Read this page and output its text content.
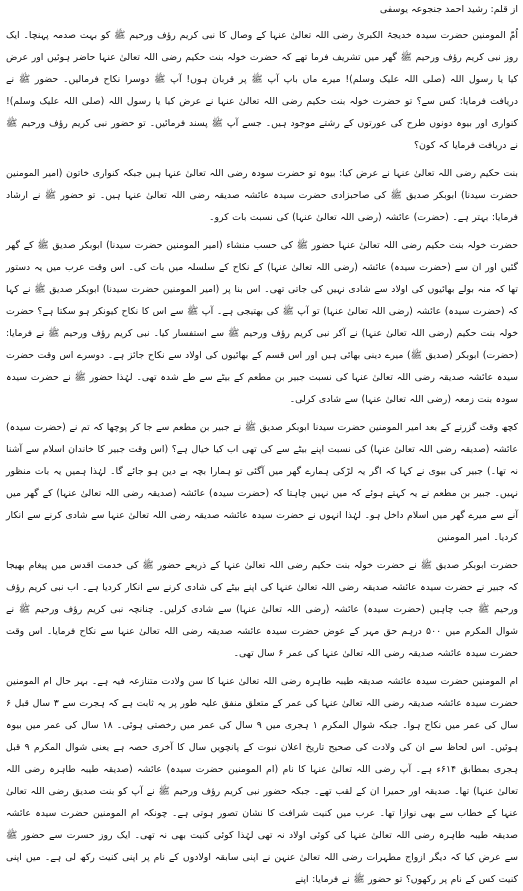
از قلم: رشید احمد جنجوعہ یوسفی

اُمّ المومنین حضرت سیدہ خدیجۃ الکبریٰ رضی اللہ تعالیٰ عنہا کے وصال کا نبی کریم رؤف ورحیم ﷺ کو بہت صدمہ پہنچا۔ ایک روز نبی کریم رؤف ورحیم ﷺ گھر میں تشریف فرما تھے کہ حضرت خولہ بنت حکیم رضی اللہ تعالیٰ عنہا حاضر ہوئیں اور عرض کیا یا رسول اللہ (صلی اللہ علیک وسلم)! میرے ماں باپ آپ ﷺ پر قربان ہوں! آپ ﷺ دوسرا نکاح فرمالیں۔ حضور ﷺ نے دریافت فرمایا: کس سے؟ تو حضرت خولہ بنت حکیم رضی اللہ تعالیٰ عنہا نے عرض کیا یا رسول اللہ (صلی اللہ علیک وسلم)! کنواری اور بیوہ دونوں طرح کی عورتوں کے رشتے موجود ہیں۔ جسے آپ ﷺ پسند فرمائیں۔ تو حضور نبی کریم رؤف ورحیم ﷺ نے دریافت فرمایا کہ کون؟

بنت حکیم رضی اللہ تعالیٰ عنہا نے عرض کیا: بیوہ تو حضرت سودہ رضی اللہ تعالیٰ عنہا ہیں جبکہ کنواری خاتون (امیر المومنین حضرت سیدنا) ابوبکر صدیق ﷺ کی صاحبزادی حضرت سیدہ عائشہ صدیقہ رضی اللہ تعالیٰ عنہا ہیں۔ تو حضور ﷺ نے ارشاد فرمایا: بہتر ہے۔ (حضرت) عائشہ (رضی اللہ تعالیٰ عنہا) کی نسبت بات کرو۔

حضرت خولہ بنت حکیم رضی اللہ تعالیٰ عنہا حضور ﷺ کی حسب منشاء (امیر المومنین حضرت سیدنا) ابوبکر صدیق ﷺ کے گھر گئیں اور ان سے (حضرت سیدہ) عائشہ (رضی اللہ تعالیٰ عنہا) کے نکاح کے سلسلہ میں بات کی۔ اس وقت عرب میں یہ دستور تھا کہ منہ بولے بھائیوں کی اولاد سے شادی نہیں کی جاتی تھی۔ اس بنا پر (امیر المومنین حضرت سیدنا) ابوبکر صدیق ﷺ نے کہا کہ (حضرت سیدہ) عائشہ (رضی اللہ تعالیٰ عنہا) تو آپ ﷺ کی بھتیجی ہے۔ آپ ﷺ سے اس کا نکاح کیونکر ہو سکتا ہے؟ حضرت خولہ بنت حکیم (رضی اللہ تعالیٰ عنہا) نے آکر نبی کریم رؤف ورحیم ﷺ سے استفسار کیا۔ نبی کریم رؤف ورحیم ﷺ نے فرمایا: (حضرت) ابوبکر (صدیق ﷺ) میرے دینی بھائی ہیں اور اس قسم کے بھائیوں کی اولاد سے نکاح جائز ہے۔ دوسرے اس وقت حضرت سیدہ عائشہ صدیقہ رضی اللہ تعالیٰ عنہا کی نسبت جبیر بن مطعم کے بیٹے سے طے شدہ تھی۔ لہٰذا حضور ﷺ نے حضرت سیدہ سودہ بنت زمعہ (رضی اللہ تعالیٰ عنہا) سے شادی کرلی۔

کچھ وقت گزرنے کے بعد امیر المومنین حضرت سیدنا ابوبکر صدیق ﷺ نے جبیر بن مطعم سے جا کر پوچھا کہ تم نے (حضرت سیدہ) عائشہ (صدیقہ رضی اللہ تعالیٰ عنہا) کی نسبت اپنے بیٹے سے کی تھی اب کیا خیال ہے؟ (اس وقت جبیر کا خاندان اسلام سے آشنا نہ تھا۔) جبیر کی بیوی نے کہا کہ اگر یہ لڑکی ہمارے گھر میں آگئی تو ہمارا بچہ بے دین ہو جائے گا۔ لہٰذا ہمیں یہ بات منظور نہیں۔ جبیر بن مطعم نے یہ کہتے ہوئے کہ میں نہیں چاہتا کہ (حضرت سیدہ) عائشہ (صدیقہ رضی اللہ تعالیٰ عنہا) کے گھر میں آنے سے میرے گھر میں اسلام داخل ہو۔ لہٰذا انہوں نے حضرت سیدہ عائشہ صدیقہ رضی اللہ تعالیٰ عنہا سے شادی کرنے سے انکار کردیا۔ امیر المومنین

حضرت ابوبکر صدیق ﷺ نے حضرت خولہ بنت حکیم رضی اللہ تعالیٰ عنہا کے ذریعے حضور ﷺ کی خدمت اقدس میں پیغام بھیجا کہ جبیر نے حضرت سیدہ عائشہ صدیقہ رضی اللہ تعالیٰ عنہا کی اپنے بیٹے کی شادی کرنے سے انکار کردیا ہے۔ اب نبی کریم رؤف ورحیم ﷺ جب چاہیں (حضرت سیدہ) عائشہ (رضی اللہ تعالیٰ عنہا) سے شادی کرلیں۔ چنانچہ نبی کریم رؤف ورحیم ﷺ نے شوال المکرم میں ۵۰۰ درہم حق مہر کے عوض حضرت سیدہ عائشہ صدیقہ رضی اللہ تعالیٰ عنہا سے نکاح فرمایا۔ اس وقت حضرت سیدہ عائشہ صدیقہ رضی اللہ تعالیٰ عنہا کی عمر ۶ سال تھی۔

ام المومنین حضرت سیدہ عائشہ صدیقہ طیبہ طاہرہ رضی اللہ تعالیٰ عنہا کا سن ولادت متنازعہ فیہ ہے۔ بہر حال ام المومنین حضرت سیدہ عائشہ صدیقہ رضی اللہ تعالیٰ عنہا کی عمر کے متعلق منفق علیہ طور پر یہ ثابت ہے کہ ہجرت سے ۳ سال قبل ۶ سال کی عمر میں نکاح ہوا۔ جبکہ شوال المکرم ۱ ہجری میں ۹ سال کی عمر میں رخصتی ہوئی۔ ۱۸ سال کی عمر میں بیوہ ہوئیں۔ اس لحاظ سے ان کی ولادت کی صحیح تاریخ اعلان نبوت کے پانچویں سال کا آخری حصہ ہے یعنی شوال المکرم ۹ قبل ہجری بمطابق ۶۱۴ء ہے۔ آپ رضی اللہ تعالیٰ عنہا کا نام (ام المومنین حضرت سیدہ) عائشہ (صدیقہ طیبہ طاہرہ رضی اللہ تعالیٰ عنہا) تھا۔ صدیقہ اور حمیرا ان کے لقب تھے۔ جبکہ حضور نبی کریم رؤف ورحیم ﷺ نے آپ کو بنت صدیق رضی اللہ تعالیٰ عنہا کے خطاب سے بھی نوازا تھا۔ عرب میں کنیت شرافت کا نشان تصور ہوتی ہے۔ چونکہ ام المومنین حضرت سیدہ عائشہ صدیقہ طیبہ طاہرہ رضی اللہ تعالیٰ عنہا کی کوئی اولاد نہ تھی لہٰذا کوئی کنیت بھی نہ تھی۔ ایک روز حسرت سے حضور ﷺ سے عرض کیا کہ دیگر ازواج مطہرات رضی اللہ تعالیٰ عنہن نے اپنی سابقہ اولادوں کے نام پر اپنی کنیت رکھ لی ہے۔ میں اپنی کنیت کس کے نام پر رکھوں؟ تو حضور ﷺ نے فرمایا: اپنے
